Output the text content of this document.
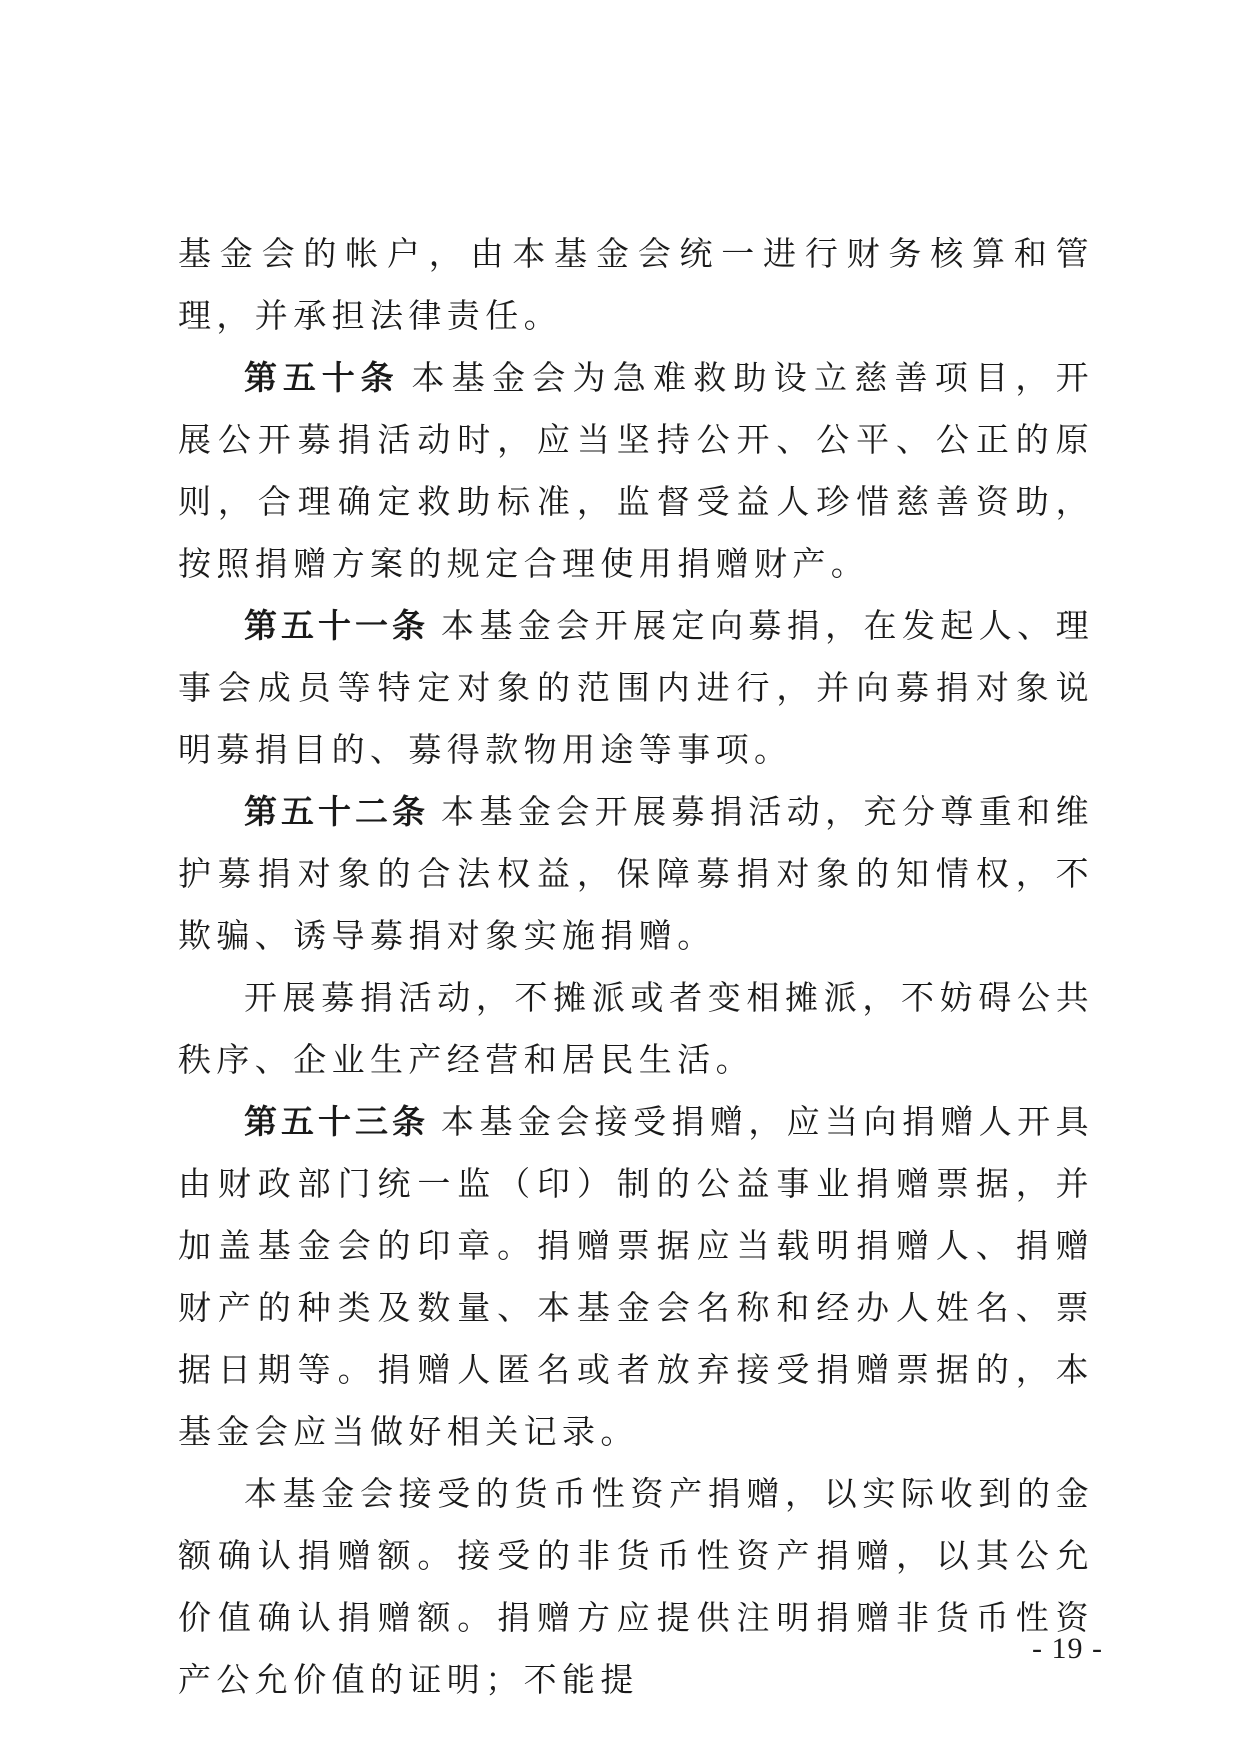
基金会的帐户，由本基金会统一进行财务核算和管理，并承担法律责任。

第五十条 本基金会为急难救助设立慈善项目，开展公开募捐活动时，应当坚持公开、公平、公正的原则，合理确定救助标准，监督受益人珍惜慈善资助，按照捐赠方案的规定合理使用捐赠财产。

第五十一条 本基金会开展定向募捐，在发起人、理事会成员等特定对象的范围内进行，并向募捐对象说明募捐目的、募得款物用途等事项。

第五十二条 本基金会开展募捐活动，充分尊重和维护募捐对象的合法权益，保障募捐对象的知情权，不欺骗、诱导募捐对象实施捐赠。

开展募捐活动，不摊派或者变相摊派，不妨碍公共秩序、企业生产经营和居民生活。

第五十三条 本基金会接受捐赠，应当向捐赠人开具由财政部门统一监（印）制的公益事业捐赠票据，并加盖基金会的印章。捐赠票据应当载明捐赠人、捐赠财产的种类及数量、本基金会名称和经办人姓名、票据日期等。捐赠人匿名或者放弃接受捐赠票据的，本基金会应当做好相关记录。

本基金会接受的货币性资产捐赠，以实际收到的金额确认捐赠额。接受的非货币性资产捐赠，以其公允价值确认捐赠额。捐赠方应提供注明捐赠非货币性资产公允价值的证明；不能提

- 19 -
